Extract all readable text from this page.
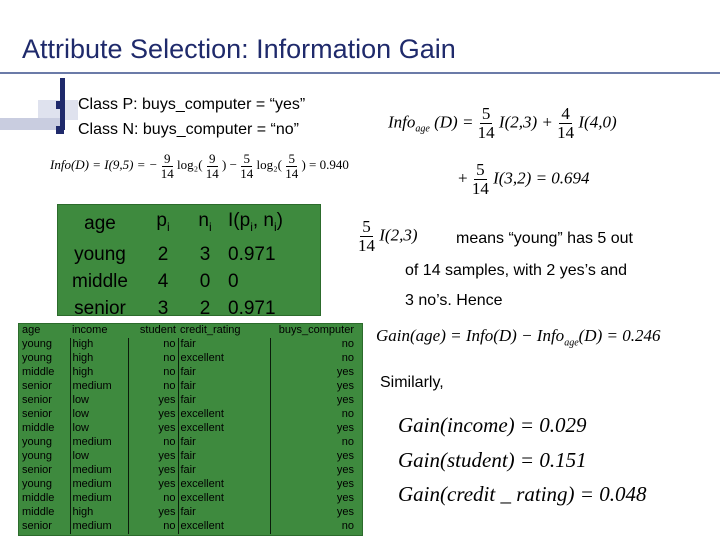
Attribute Selection: Information Gain
Class P: buys_computer = “yes”
Class N: buys_computer = “no”
Info(D) = I(9,5) = − $\frac{9}{14} \log_2( \frac{9}{14}$ ) − $\frac{5}{14} \log_2( \frac{5}{14}$ ) = 0.940
Info$_{age}$ $(D) = \frac{5}{14} I(2,3) + \frac{4}{14} I(4,0)$
+ $\frac{5}{14} I(3,2) = 0.694$
age	$p_i$	$n_i$	$I(p_i$, $n_i$)
young	2	3	0.971
middle	4	0	0
senior	3	2	0.971
age	income	student	credit_rating	buys_computer
young	high	no	fair	no
young	high	no	excellent	no
middle	high	no	fair	yes
senior	medium	no	fair	yes
senior	low	yes	fair	yes
senior	low	yes	excellent	no
middle	low	yes	excellent	yes
young	medium	no	fair	no
young	low	yes	fair	yes
senior	medium	yes	fair	yes
young	medium	yes	excellent	yes
middle	medium	no	excellent	yes
middle	high	yes	fair	yes
senior	medium	no	excellent	no
$\frac{5}{14} I(2,3)$ means “young” has 5 out
of 14 samples, with 2 yes’s and
3 no’s. Hence
Gain(age) = Info(D) − Info$_{age}$(D) = 0.246
Similarly,
Gain(income) = 0.029
Gain(student) = 0.151
Gain(credit _ rating) = 0.048
